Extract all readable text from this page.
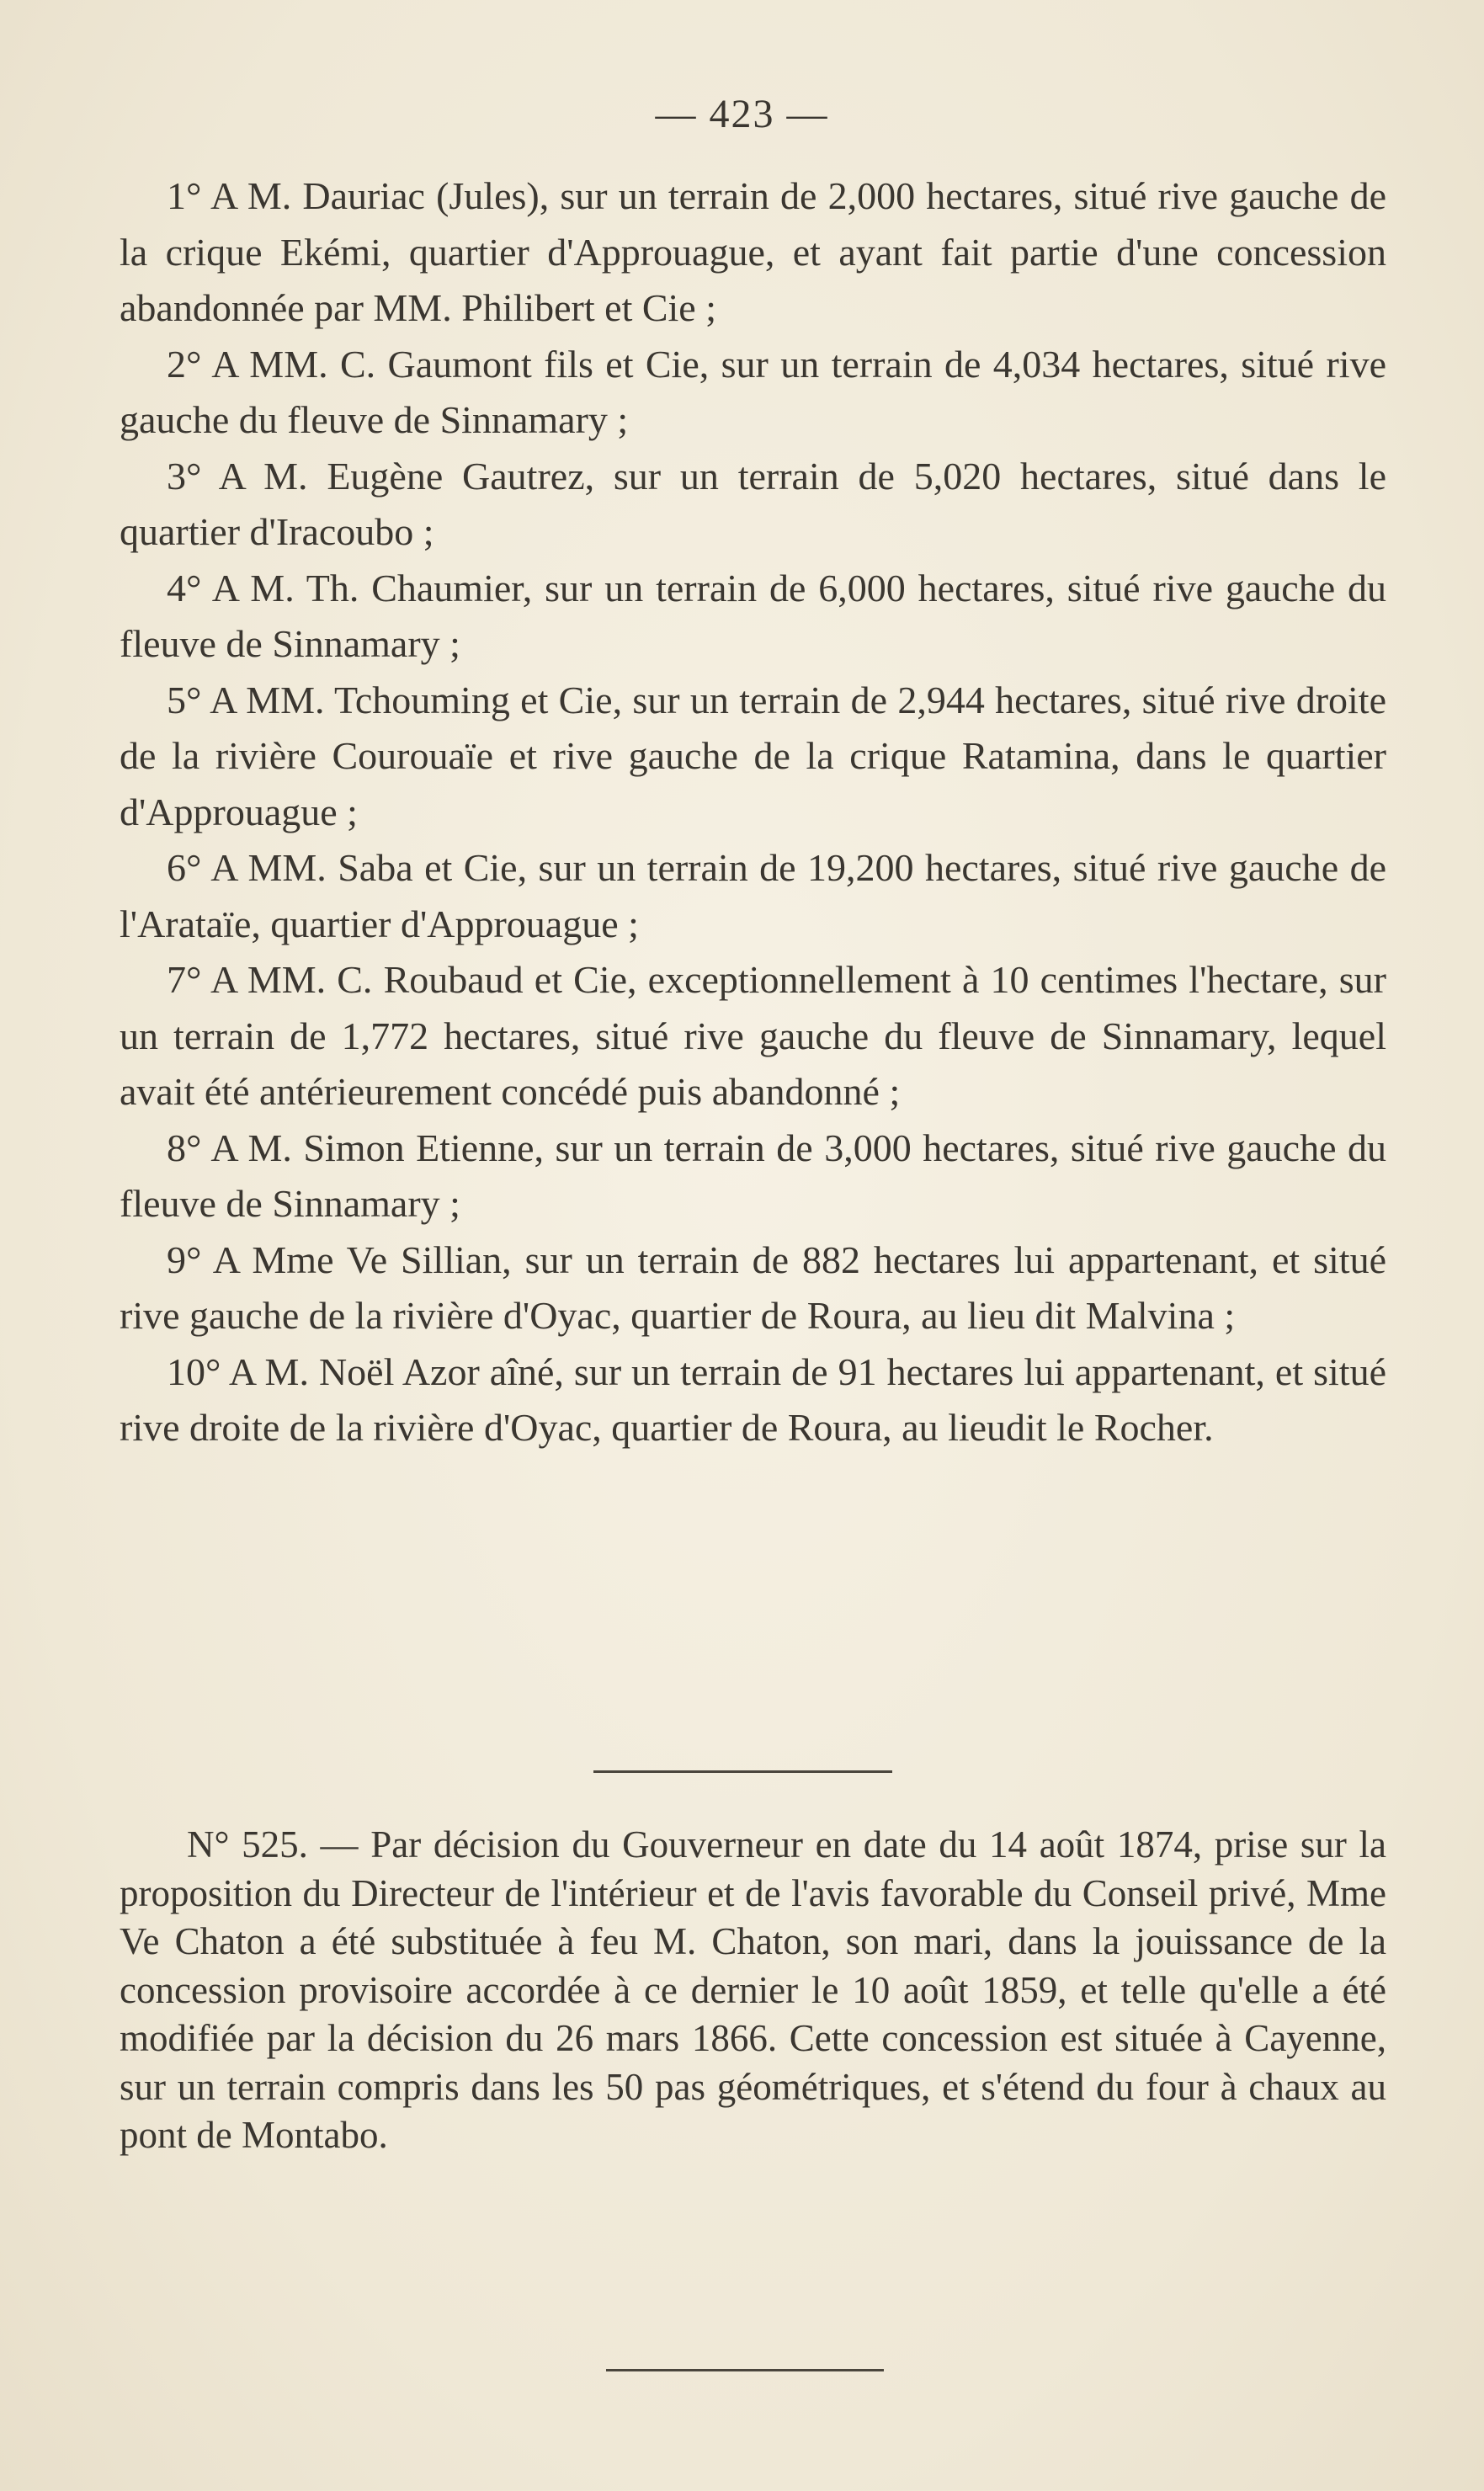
— 423 —

1° A M. Dauriac (Jules), sur un terrain de 2,000 hectares, situé rive gauche de la crique Ekémi, quartier d'Approuague, et ayant fait partie d'une concession abandonnée par MM. Philibert et Cie ;

2° A MM. C. Gaumont fils et Cie, sur un terrain de 4,034 hectares, situé rive gauche du fleuve de Sinnamary ;

3° A M. Eugène Gautrez, sur un terrain de 5,020 hectares, situé dans le quartier d'Iracoubo ;

4° A M. Th. Chaumier, sur un terrain de 6,000 hectares, situé rive gauche du fleuve de Sinnamary ;

5° A MM. Tchouming et Cie, sur un terrain de 2,944 hectares, situé rive droite de la rivière Courouaïe et rive gauche de la crique Ratamina, dans le quartier d'Approuague ;

6° A MM. Saba et Cie, sur un terrain de 19,200 hectares, situé rive gauche de l'Arataïe, quartier d'Approuague ;

7° A MM. C. Roubaud et Cie, exceptionnellement à 10 centimes l'hectare, sur un terrain de 1,772 hectares, situé rive gauche du fleuve de Sinnamary, lequel avait été antérieurement concédé puis abandonné ;

8° A M. Simon Etienne, sur un terrain de 3,000 hectares, situé rive gauche du fleuve de Sinnamary ;

9° A Mme Ve Sillian, sur un terrain de 882 hectares lui appartenant, et situé rive gauche de la rivière d'Oyac, quartier de Roura, au lieu dit Malvina ;

10° A M. Noël Azor aîné, sur un terrain de 91 hectares lui appartenant, et situé rive droite de la rivière d'Oyac, quartier de Roura, au lieudit le Rocher.

N° 525. — Par décision du Gouverneur en date du 14 août 1874, prise sur la proposition du Directeur de l'intérieur et de l'avis favorable du Conseil privé, Mme Ve Chaton a été substituée à feu M. Chaton, son mari, dans la jouissance de la concession provisoire accordée à ce dernier le 10 août 1859, et telle qu'elle a été modifiée par la décision du 26 mars 1866. Cette concession est située à Cayenne, sur un terrain compris dans les 50 pas géométriques, et s'étend du four à chaux au pont de Montabo.
